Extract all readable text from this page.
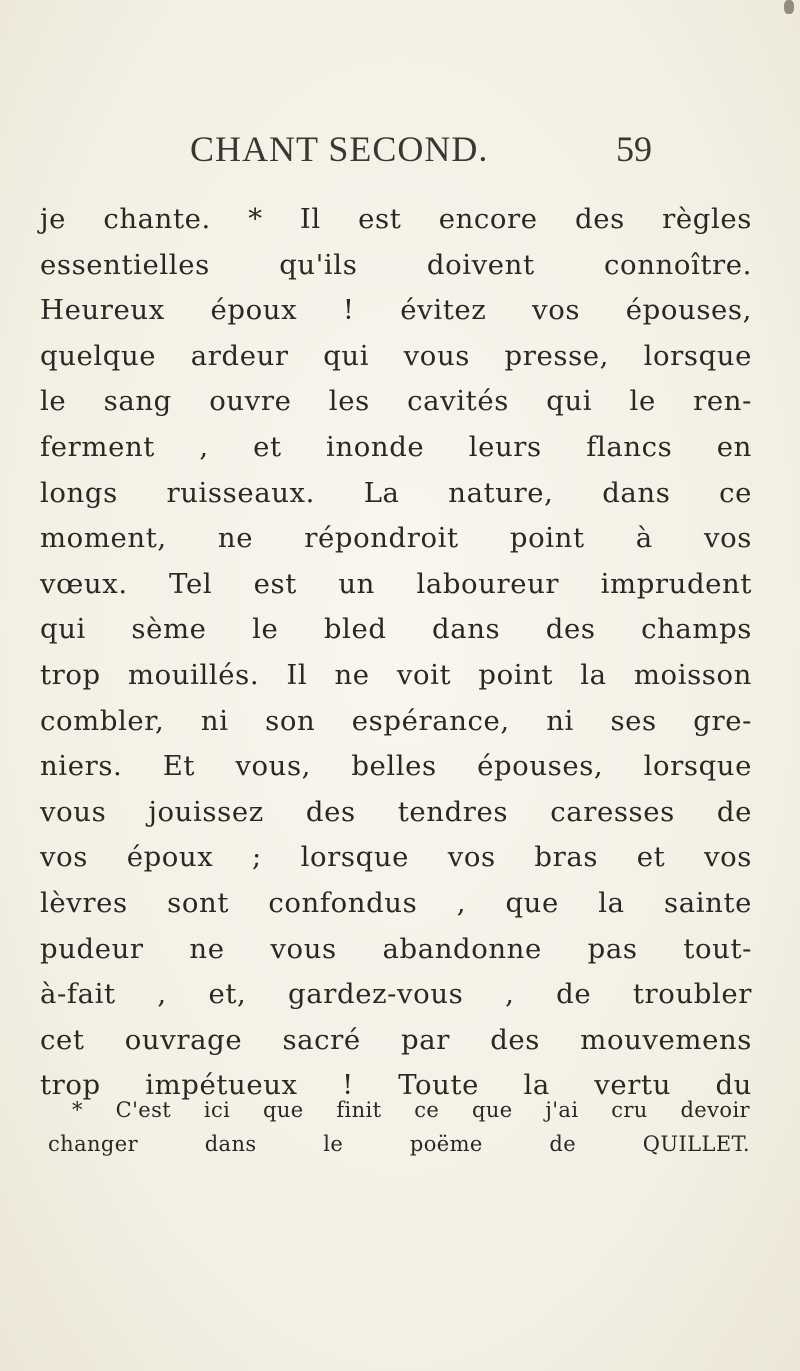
CHANT SECOND.	59
je chante. * Il est encore des règles
essentielles qu'ils doivent connoître.
Heureux époux ! évitez vos épouses,
quelque ardeur qui vous presse, lorsque
le sang ouvre les cavités qui le ren-
ferment , et inonde leurs flancs en
longs ruisseaux. La nature, dans ce
moment, ne répondroit point à vos
vœux. Tel est un laboureur imprudent
qui sème le bled dans des champs
trop mouillés. Il ne voit point la moisson
combler, ni son espérance, ni ses gre-
niers. Et vous, belles épouses, lorsque
vous jouissez des tendres caresses de
vos époux ; lorsque vos bras et vos
lèvres sont confondus , que la sainte
pudeur ne vous abandonne pas tout-
à-fait , et, gardez-vous , de troubler
cet ouvrage sacré par des mouvemens
trop impétueux ! Toute la vertu du
* C'est ici que finit ce que j'ai cru devoir
changer dans le poëme de QUILLET.
